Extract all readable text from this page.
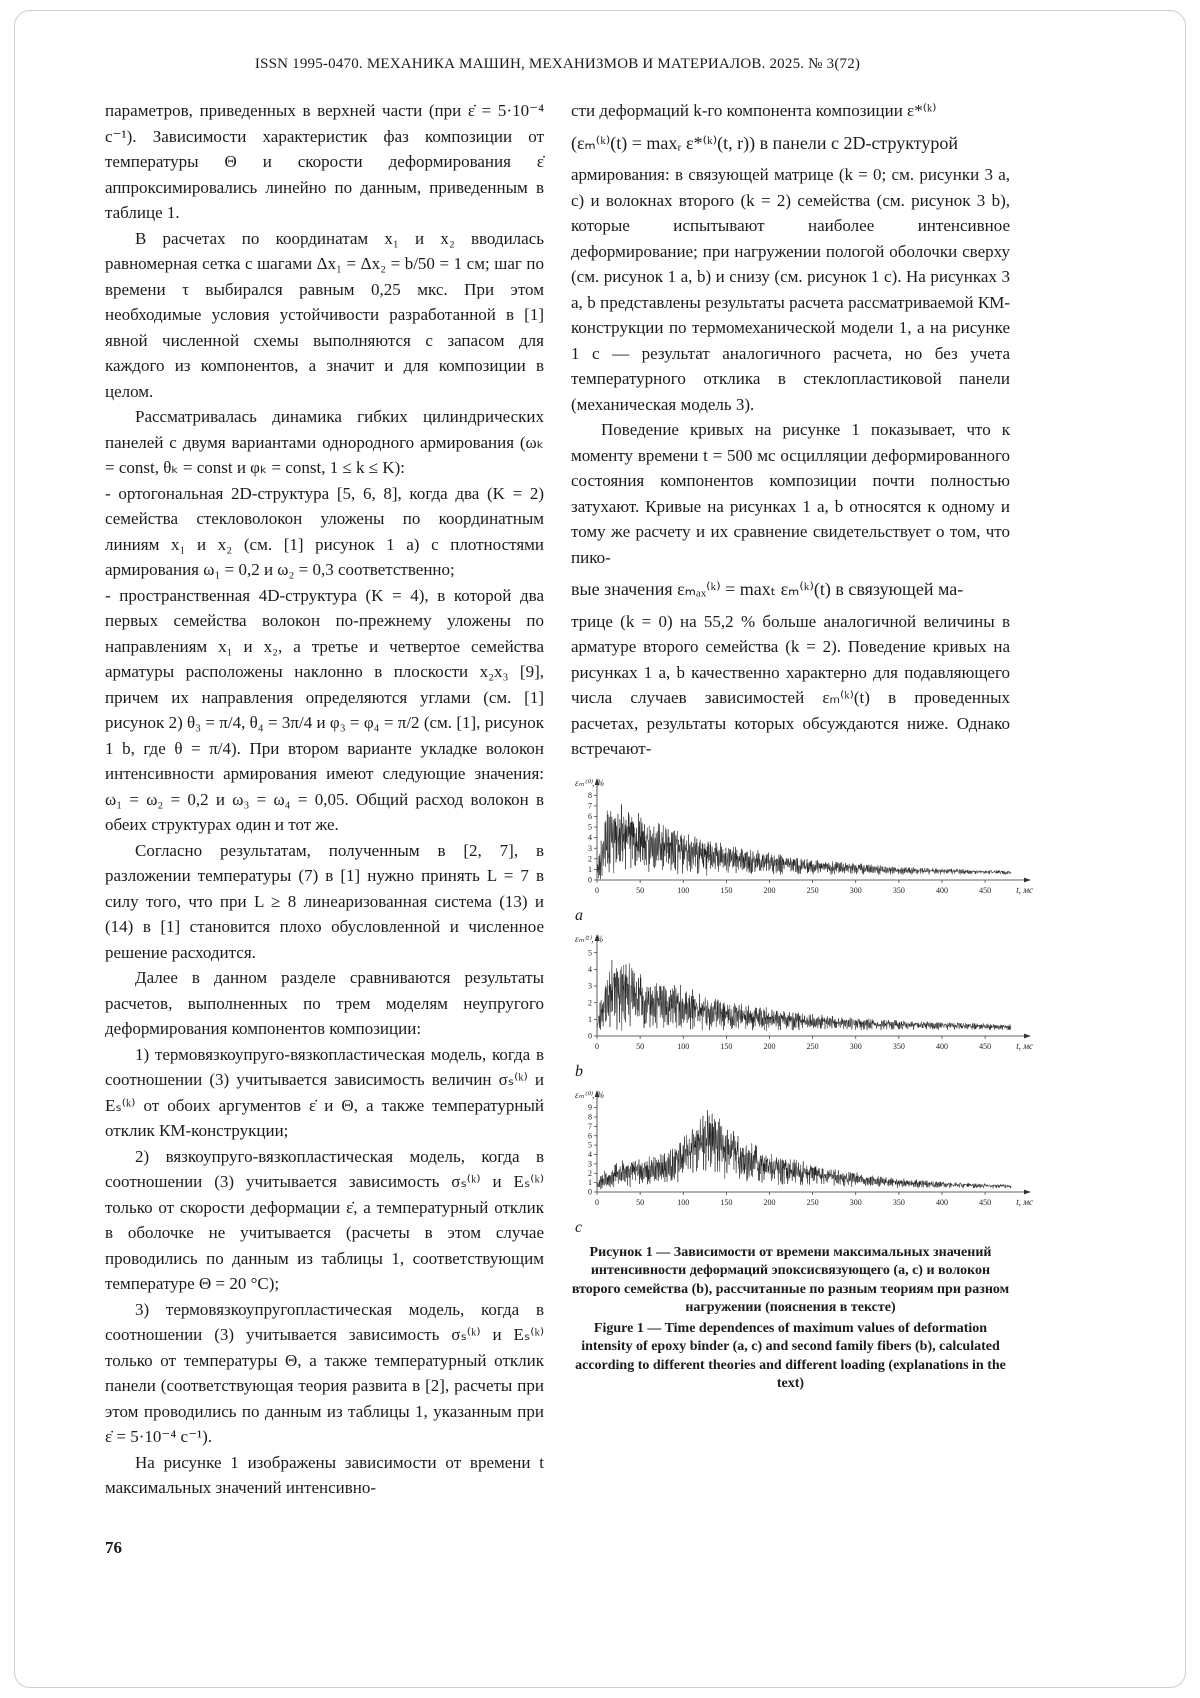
ISSN 1995-0470. МЕХАНИКА МАШИН, МЕХАНИЗМОВ И МАТЕРИАЛОВ. 2025. № 3(72)

параметров, приведенных в верхней части (при ε̇ = 5·10⁻⁴ с⁻¹). Зависимости характеристик фаз композиции от температуры Θ и скорости деформирования ε̇ аппроксимировались линейно по данным, приведенным в таблице 1.

В расчетах по координатам x₁ и x₂ вводилась равномерная сетка с шагами Δx₁ = Δx₂ = b/50 = 1 см; шаг по времени τ выбирался равным 0,25 мкс. При этом необходимые условия устойчивости разработанной в [1] явной численной схемы выполняются с запасом для каждого из компонентов, а значит и для композиции в целом.

Рассматривалась динамика гибких цилиндрических панелей с двумя вариантами однородного армирования (ωₖ = const, θₖ = const и φₖ = const, 1 ≤ k ≤ K):

- ортогональная 2D-структура [5, 6, 8], когда два (K = 2) семейства стекловолокон уложены по координатным линиям x₁ и x₂ (см. [1] рисунок 1 а) с плотностями армирования ω₁ = 0,2 и ω₂ = 0,3 соответственно;

- пространственная 4D-структура (K = 4), в которой два первых семейства волокон по-прежнему уложены по направлениям x₁ и x₂, а третье и четвертое семейства арматуры расположены наклонно в плоскости x₂x₃ [9], причем их направления определяются углами (см. [1] рисунок 2) θ₃ = π/4, θ₄ = 3π/4 и φ₃ = φ₄ = π/2 (см. [1], рисунок 1 b, где θ = π/4). При втором варианте укладке волокон интенсивности армирования имеют следующие значения: ω₁ = ω₂ = 0,2 и ω₃ = ω₄ = 0,05. Общий расход волокон в обеих структурах один и тот же.

Согласно результатам, полученным в [2, 7], в разложении температуры (7) в [1] нужно принять L = 7 в силу того, что при L ≥ 8 линеаризованная система (13) и (14) в [1] становится плохо обусловленной и численное решение расходится.

Далее в данном разделе сравниваются результаты расчетов, выполненных по трем моделям неупругого деформирования компонентов композиции:

1) термовязкоупруго-вязкопластическая модель, когда в соотношении (3) учитывается зависимость величин σₛ⁽ᵏ⁾ и Eₛ⁽ᵏ⁾ от обоих аргументов ε̇ и Θ, а также температурный отклик КМ-конструкции;

2) вязкоупруго-вязкопластическая модель, когда в соотношении (3) учитывается зависимость σₛ⁽ᵏ⁾ и Eₛ⁽ᵏ⁾ только от скорости деформации ε̇, а температурный отклик в оболочке не учитывается (расчеты в этом случае проводились по данным из таблицы 1, соответствующим температуре Θ = 20 °C);

3) термовязкоупругопластическая модель, когда в соотношении (3) учитывается зависимость σₛ⁽ᵏ⁾ и Eₛ⁽ᵏ⁾ только от температуры Θ, а также температурный отклик панели (соответствующая теория развита в [2], расчеты при этом проводились по данным из таблицы 1, указанным при ε̇ = 5·10⁻⁴ с⁻¹).

На рисунке 1 изображены зависимости от времени t максимальных значений интенсивно-

сти деформаций k-го компонента композиции ε*⁽ᵏ⁾

(εₘ⁽ᵏ⁾(t) = maxᵣ ε*⁽ᵏ⁾(t, r)) в панели с 2D-структурой

армирования: в связующей матрице (k = 0; см. рисунки 3 а, с) и волокнах второго (k = 2) семейства (см. рисунок 3 b), которые испытывают наиболее интенсивное деформирование; при нагружении пологой оболочки сверху (см. рисунок 1 а, b) и снизу (см. рисунок 1 с). На рисунках 3 а, b представлены результаты расчета рассматриваемой КМ-конструкции по термомеханической модели 1, а на рисунке 1 с — результат аналогичного расчета, но без учета температурного отклика в стеклопластиковой панели (механическая модель 3).

Поведение кривых на рисунке 1 показывает, что к моменту времени t = 500 мс осцилляции деформированного состояния компонентов композиции почти полностью затухают. Кривые на рисунках 1 а, b относятся к одному и тому же расчету и их сравнение свидетельствует о том, что пико-

вые значения εₘₐₓ⁽ᵏ⁾ = maxₜ εₘ⁽ᵏ⁾(t) в связующей ма-

трице (k = 0) на 55,2 % больше аналогичной величины в арматуре второго семейства (k = 2). Поведение кривых на рисунках 1 а, b качественно характерно для подавляющего числа случаев зависимостей εₘ⁽ᵏ⁾(t) в проведенных расчетах, результаты которых обсуждаются ниже. Однако встречают-

0
1
2
3
4
5
6
7
8
0	50	100	150	200	250	300	350	400	450
εₘ⁽⁰⁾, %
t, мс
a
0
1
2
3
4
5
0	50	100	150	200	250	300	350	400	450
εₘ⁽²⁾, %
t, мс
b
0
1
2
3
4
5
6
7
8
9
0	50	100	150	200	250	300	350	400	450
εₘ⁽⁰⁾, %
t, мс
c
Рисунок 1 — Зависимости от времени максимальных значений интенсивности деформаций эпоксисвязующего (a, c) и волокон второго семейства (b), рассчитанные по разным теориям при разном нагружении (пояснения в тексте)
Figure 1 — Time dependences of maximum values of deformation intensity of epoxy binder (a, c) and second family fibers (b), calculated according to different theories and different loading (explanations in the text)
76
